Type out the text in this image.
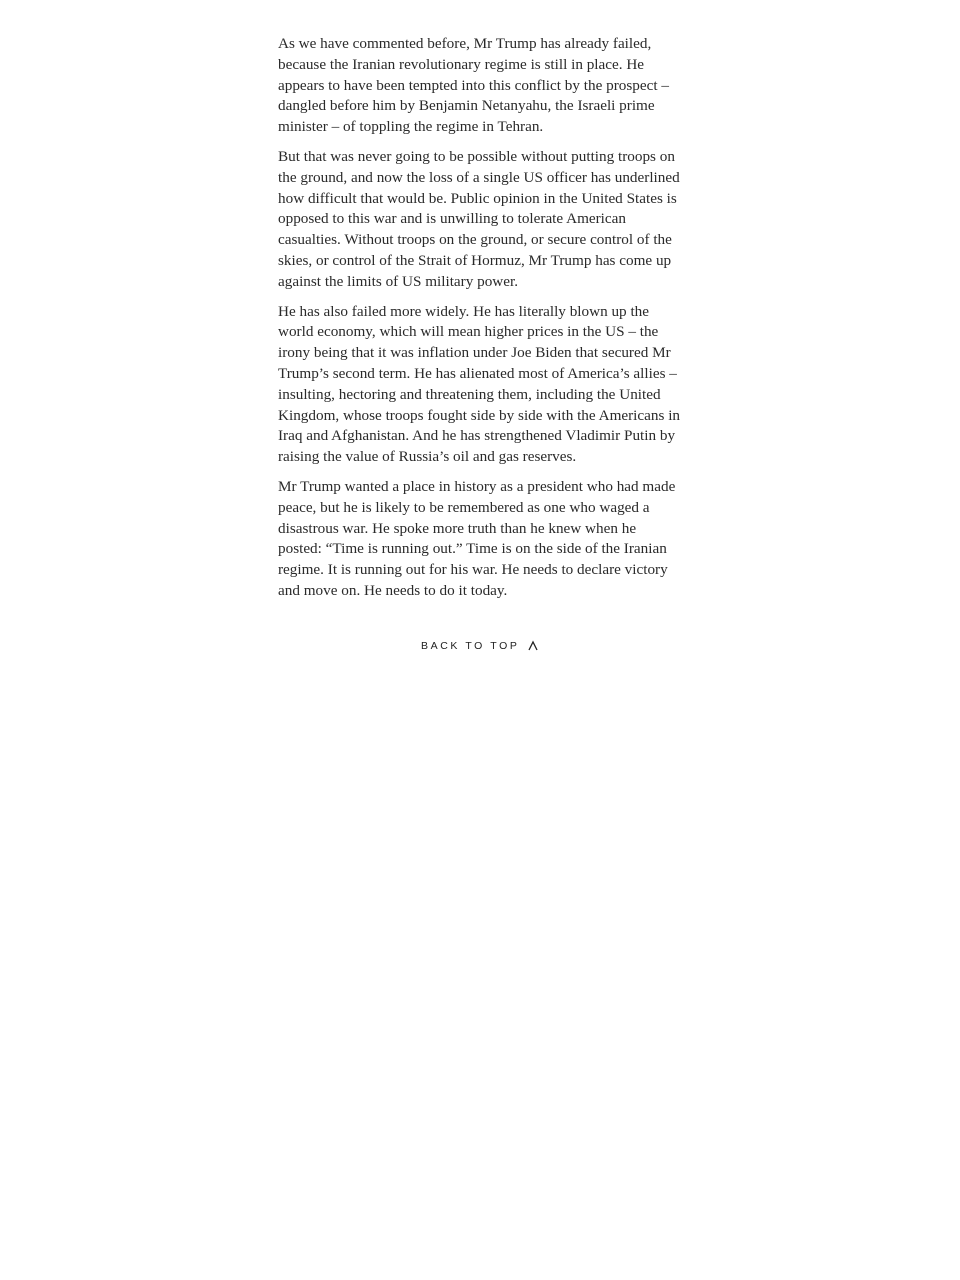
As we have commented before, Mr Trump has already failed, because the Iranian revolutionary regime is still in place. He appears to have been tempted into this conflict by the prospect – dangled before him by Benjamin Netanyahu, the Israeli prime minister – of toppling the regime in Tehran.

But that was never going to be possible without putting troops on the ground, and now the loss of a single US officer has underlined how difficult that would be. Public opinion in the United States is opposed to this war and is unwilling to tolerate American casualties. Without troops on the ground, or secure control of the skies, or control of the Strait of Hormuz, Mr Trump has come up against the limits of US military power.

He has also failed more widely. He has literally blown up the world economy, which will mean higher prices in the US – the irony being that it was inflation under Joe Biden that secured Mr Trump’s second term. He has alienated most of America’s allies – insulting, hectoring and threatening them, including the United Kingdom, whose troops fought side by side with the Americans in Iraq and Afghanistan. And he has strengthened Vladimir Putin by raising the value of Russia’s oil and gas reserves.

Mr Trump wanted a place in history as a president who had made peace, but he is likely to be remembered as one who waged a disastrous war. He spoke more truth than he knew when he posted: “Time is running out.” Time is on the side of the Iranian regime. It is running out for his war. He needs to declare victory and move on. He needs to do it today.

BACK TO TOP
